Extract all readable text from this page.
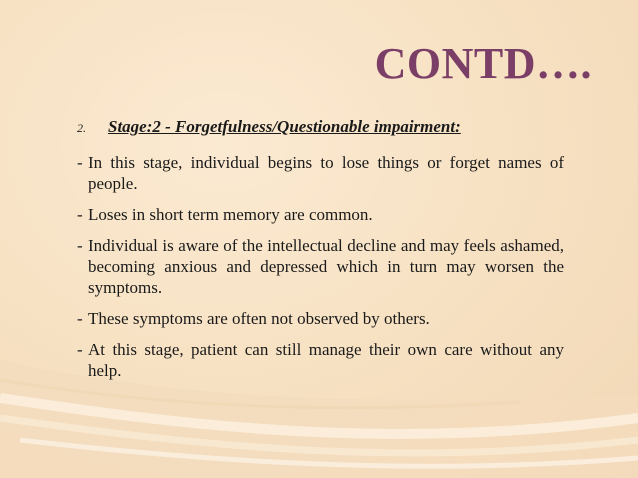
CONTD….
2.	Stage:2 - Forgetfulness/Questionable impairment:
- In this stage, individual begins to lose things or forget names of people.
- Loses in short term memory are common.
- Individual is aware of the intellectual decline and may feels ashamed, becoming anxious and depressed which in turn may worsen the symptoms.
- These symptoms are often not observed by others.
- At this stage, patient can still manage their own care without any help.
